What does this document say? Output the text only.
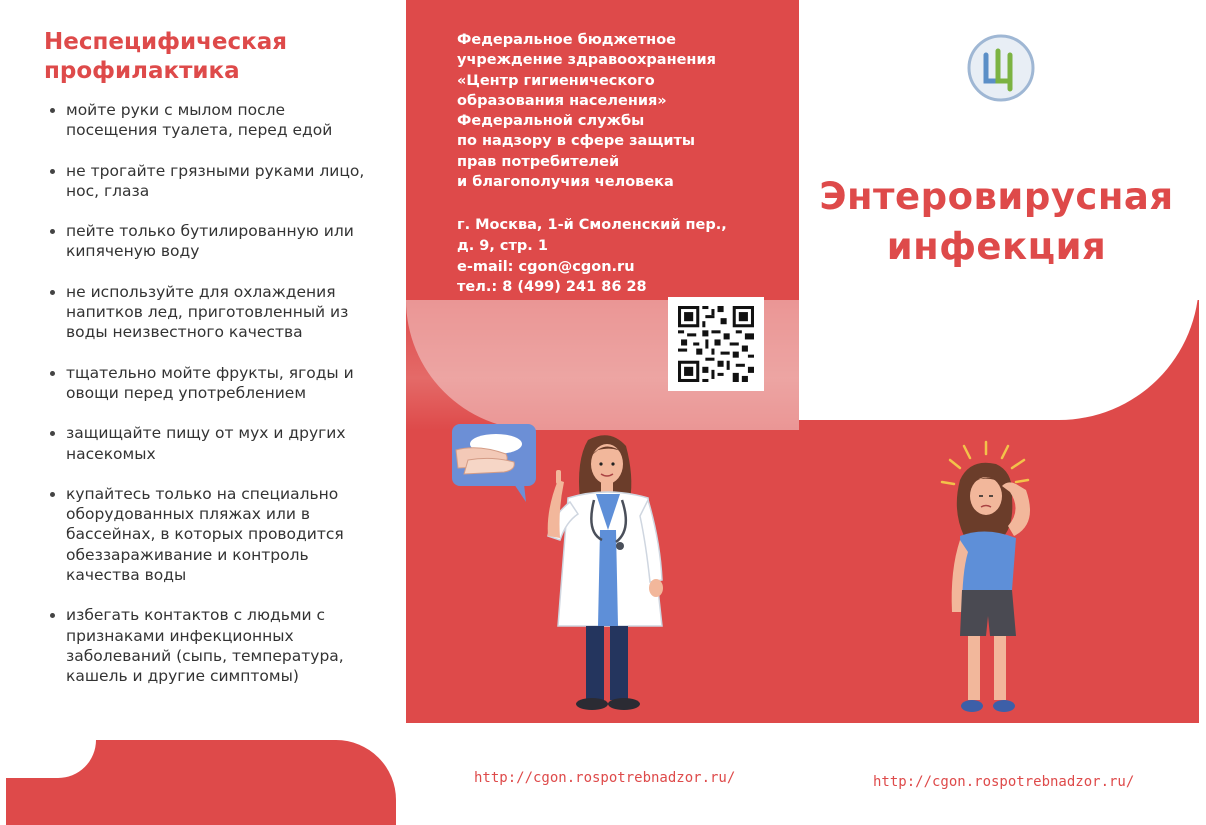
Неспецифическая профилактика
мойте руки с мылом после посещения туалета, перед едой
не трогайте грязными руками лицо, нос, глаза
пейте только бутилированную или кипяченую воду
не используйте для охлаждения напитков лед, приготовленный из воды неизвестного качества
тщательно мойте фрукты, ягоды и овощи перед употреблением
защищайте пищу от мух и других насекомых
купайтесь только на специально оборудованных пляжах или в бассейнах, в которых проводится обеззараживание и контроль качества воды
избегать контактов с людьми с признаками инфекционных заболеваний (сыпь, температура, кашель и другие симптомы)
Федеральное бюджетное
учреждение здравоохранения
«Центр гигиенического
образования населения»
Федеральной службы
по надзору в сфере защиты
прав потребителей
и благополучия человека
г. Москва, 1-й Смоленский пер.,
д. 9, стр. 1
e-mail: cgon@cgon.ru
тел.: 8 (499) 241 86 28
Энтеровирусная
инфекция
http://cgon.rospotrebnadzor.ru/	http://cgon.rospotrebnadzor.ru/
